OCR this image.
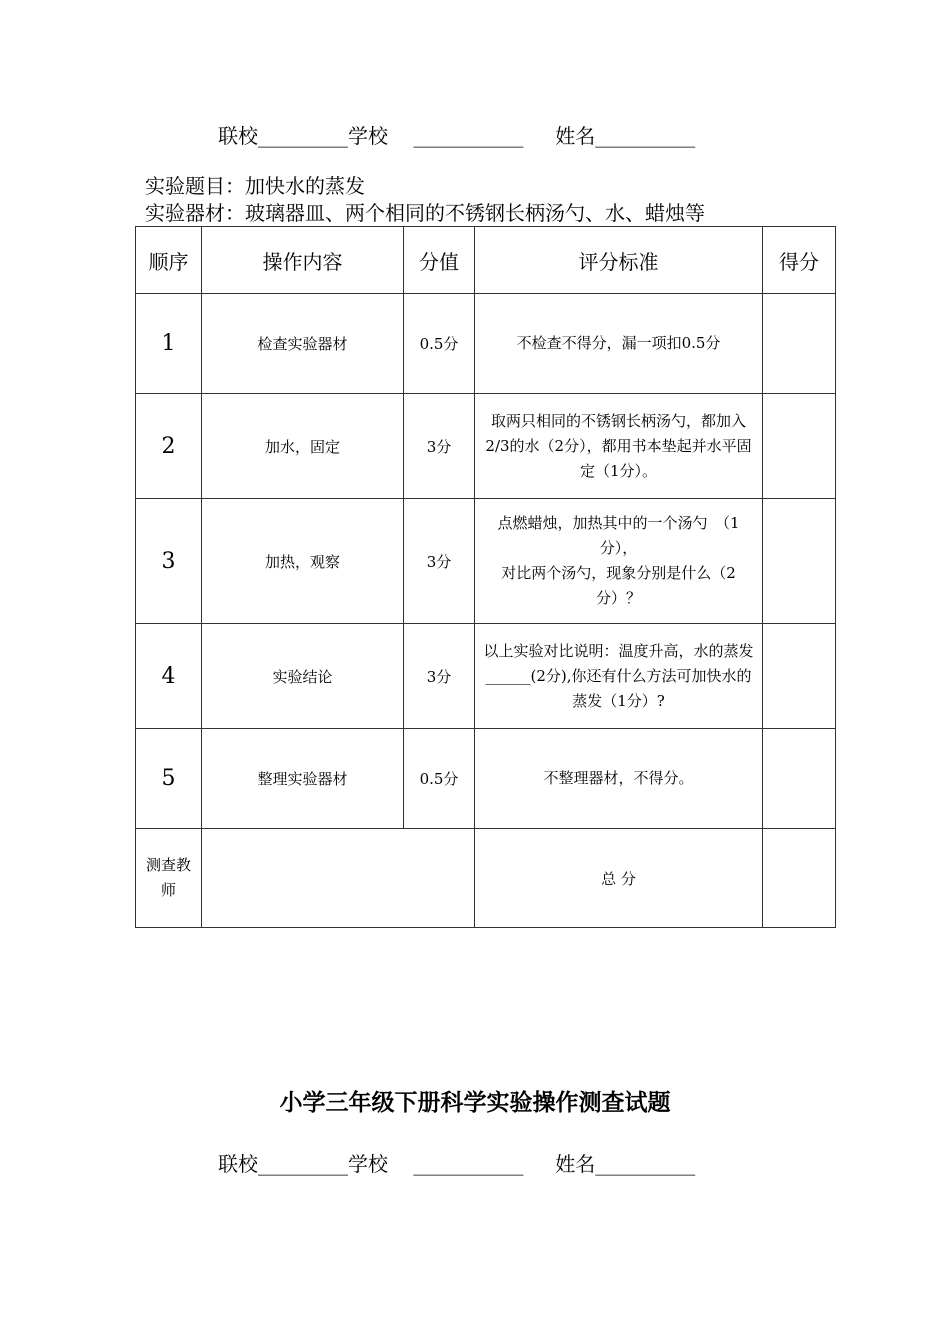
联校_________学校    ___________     姓名__________
实验题目：加快水的蒸发
实验器材：玻璃器皿、两个相同的不锈钢长柄汤勺、水、蜡烛等
顺序	操作内容	分值	评分标准	得分
1	检查实验器材	0.5分	不检查不得分，漏一项扣0.5分	
2	加水，固定	3分	取两只相同的不锈钢长柄汤勺，都加入2/3的水（2分），都用书本垫起并水平固定（1分）。	
3	加热，观察	3分	点燃蜡烛，加热其中的一个汤勺　（1分），
对比两个汤勺，现象分别是什么（2分）？	

4	实验结论	3分	以上实验对比说明：温度升高，水的蒸发______(2分),你还有什么方法可加快水的蒸发（1分）?	
5	整理实验器材	0.5分	不整理器材，不得分。	
测查教师			总 分	
小学三年级下册科学实验操作测查试题
联校_________学校    ___________     姓名__________
